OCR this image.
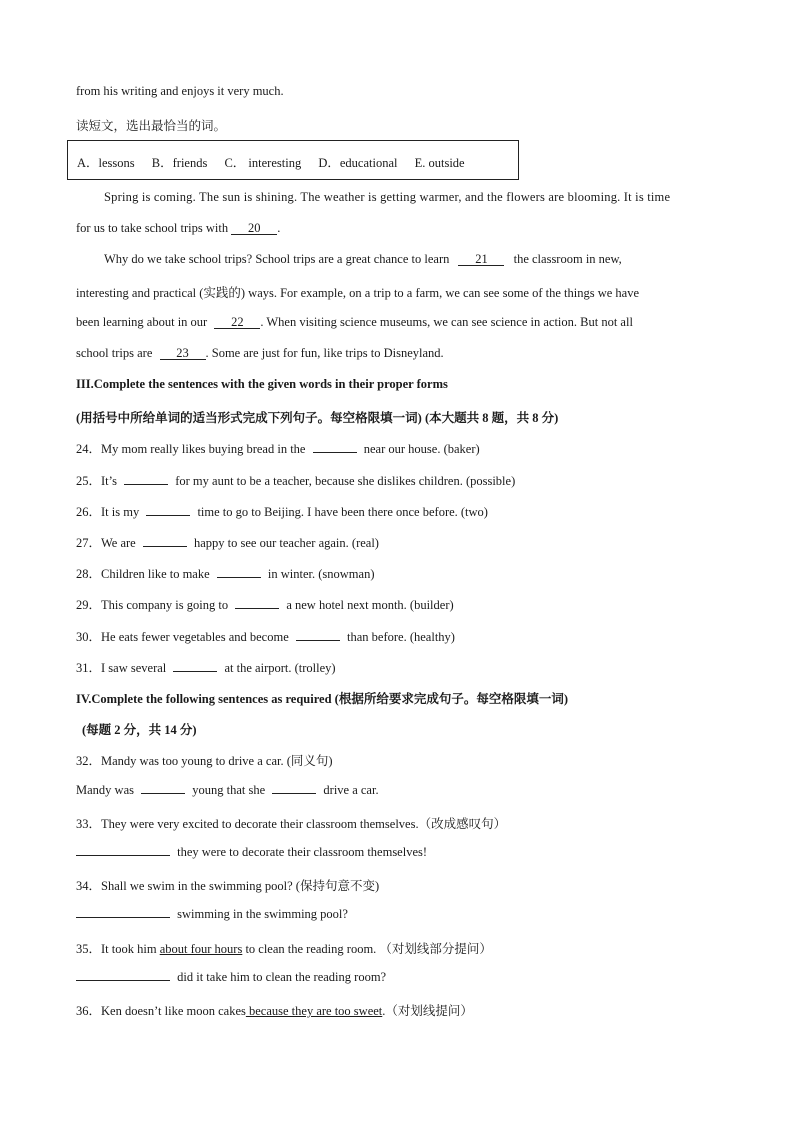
from his writing and enjoys it very much.
读短文，选出最恰当的词。
A．lessons B．friends C． interesting D．educational E. outside
Spring is coming. The sun is shining. The weather is getting warmer, and the flowers are blooming. It is time
for us to take school trips with 20 .
Why do we take school trips? School trips are a great chance to learn 21 the classroom in new,
interesting and practical (实践的) ways. For example, on a trip to a farm, we can see some of the things we have
been learning about in our 22 . When visiting science museums, we can see science in action. But not all
school trips are 23 . Some are just for fun, like trips to Disneyland.
III.Complete the sentences with the given words in their proper forms
(用括号中所给单词的适当形式完成下列句子。每空格限填一词) (本大题共 8 题，共 8 分)
24．My mom really likes buying bread in the	near our house. (baker)
25．It’s	for my aunt to be a teacher, because she dislikes children. (possible)
26．It is my	time to go to Beijing. I have been there once before. (two)
27．We are	happy to see our teacher again. (real)
28．Children like to make	in winter. (snowman)
29．This company is going to	a new hotel next month. (builder)
30．He eats fewer vegetables and become	than before. (healthy)
31．I saw several	at the airport. (trolley)
IV.Complete the following sentences as required (根据所给要求完成句子。每空格限填一词)
(每题 2 分，共 14 分)
32．Mandy was too young to drive a car. (同义句)
Mandy was	young that she	drive a car.
33．They were very excited to decorate their classroom themselves.（改成感叹句）
they were to decorate their classroom themselves!
34．Shall we swim in the swimming pool? (保持句意不变)
swimming in the swimming pool?
35．It took him about four hours to clean the reading room. （对划线部分提问）
did it take him to clean the reading room?
36．Ken doesn’t like moon cakes because they are too sweet.（对划线提问）
